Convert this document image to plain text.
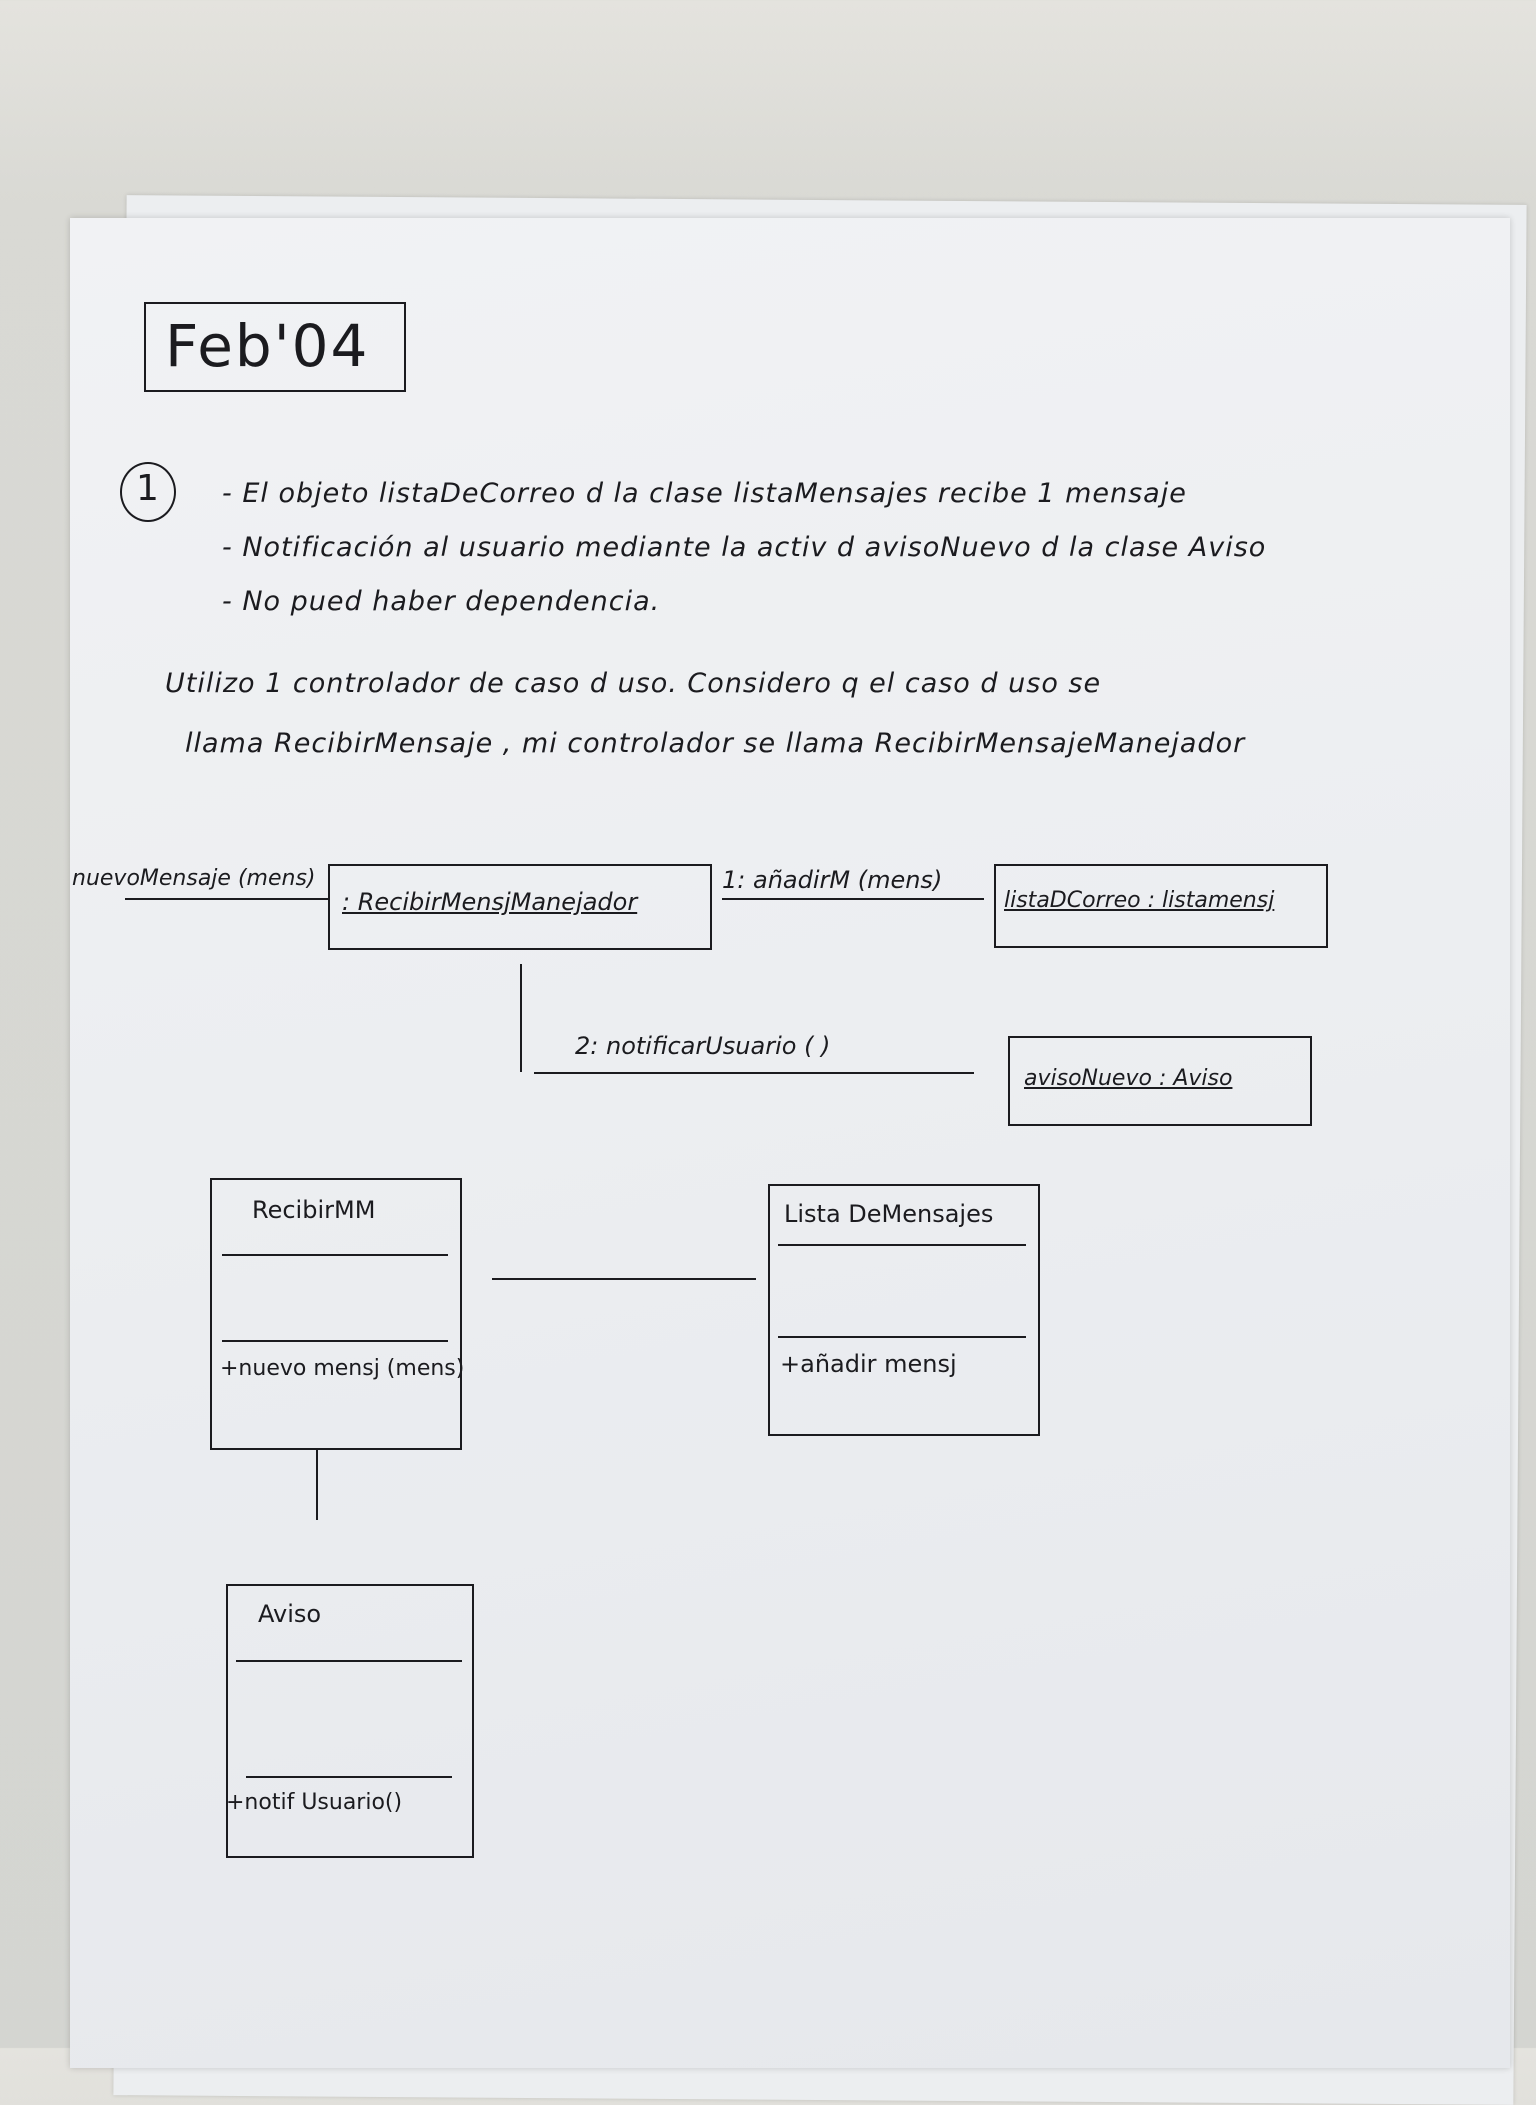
Feb'04
1 - El objeto listaDeCorreo d la clase listaMensajes recibe 1 mensaje
- Notificación al usuario mediante la activ d avisoNuevo d la clase Aviso
- No pued haber dependencia.
Utilizo 1 controlador de caso d uso. Considero q el caso d uso se
llama RecibirMensaje , mi controlador se llama RecibirMensajeManejador
nuevoMensaje (mens)
: RecibirMensjManejador
1: añadirM (mens)
listaDCorreo : listamensj
2: notificarUsuario ( )
avisoNuevo : Aviso
RecibirMM
+nuevo mensj (mens)
Lista DeMensajes
+añadir mensj
Aviso
+notif Usuario()
